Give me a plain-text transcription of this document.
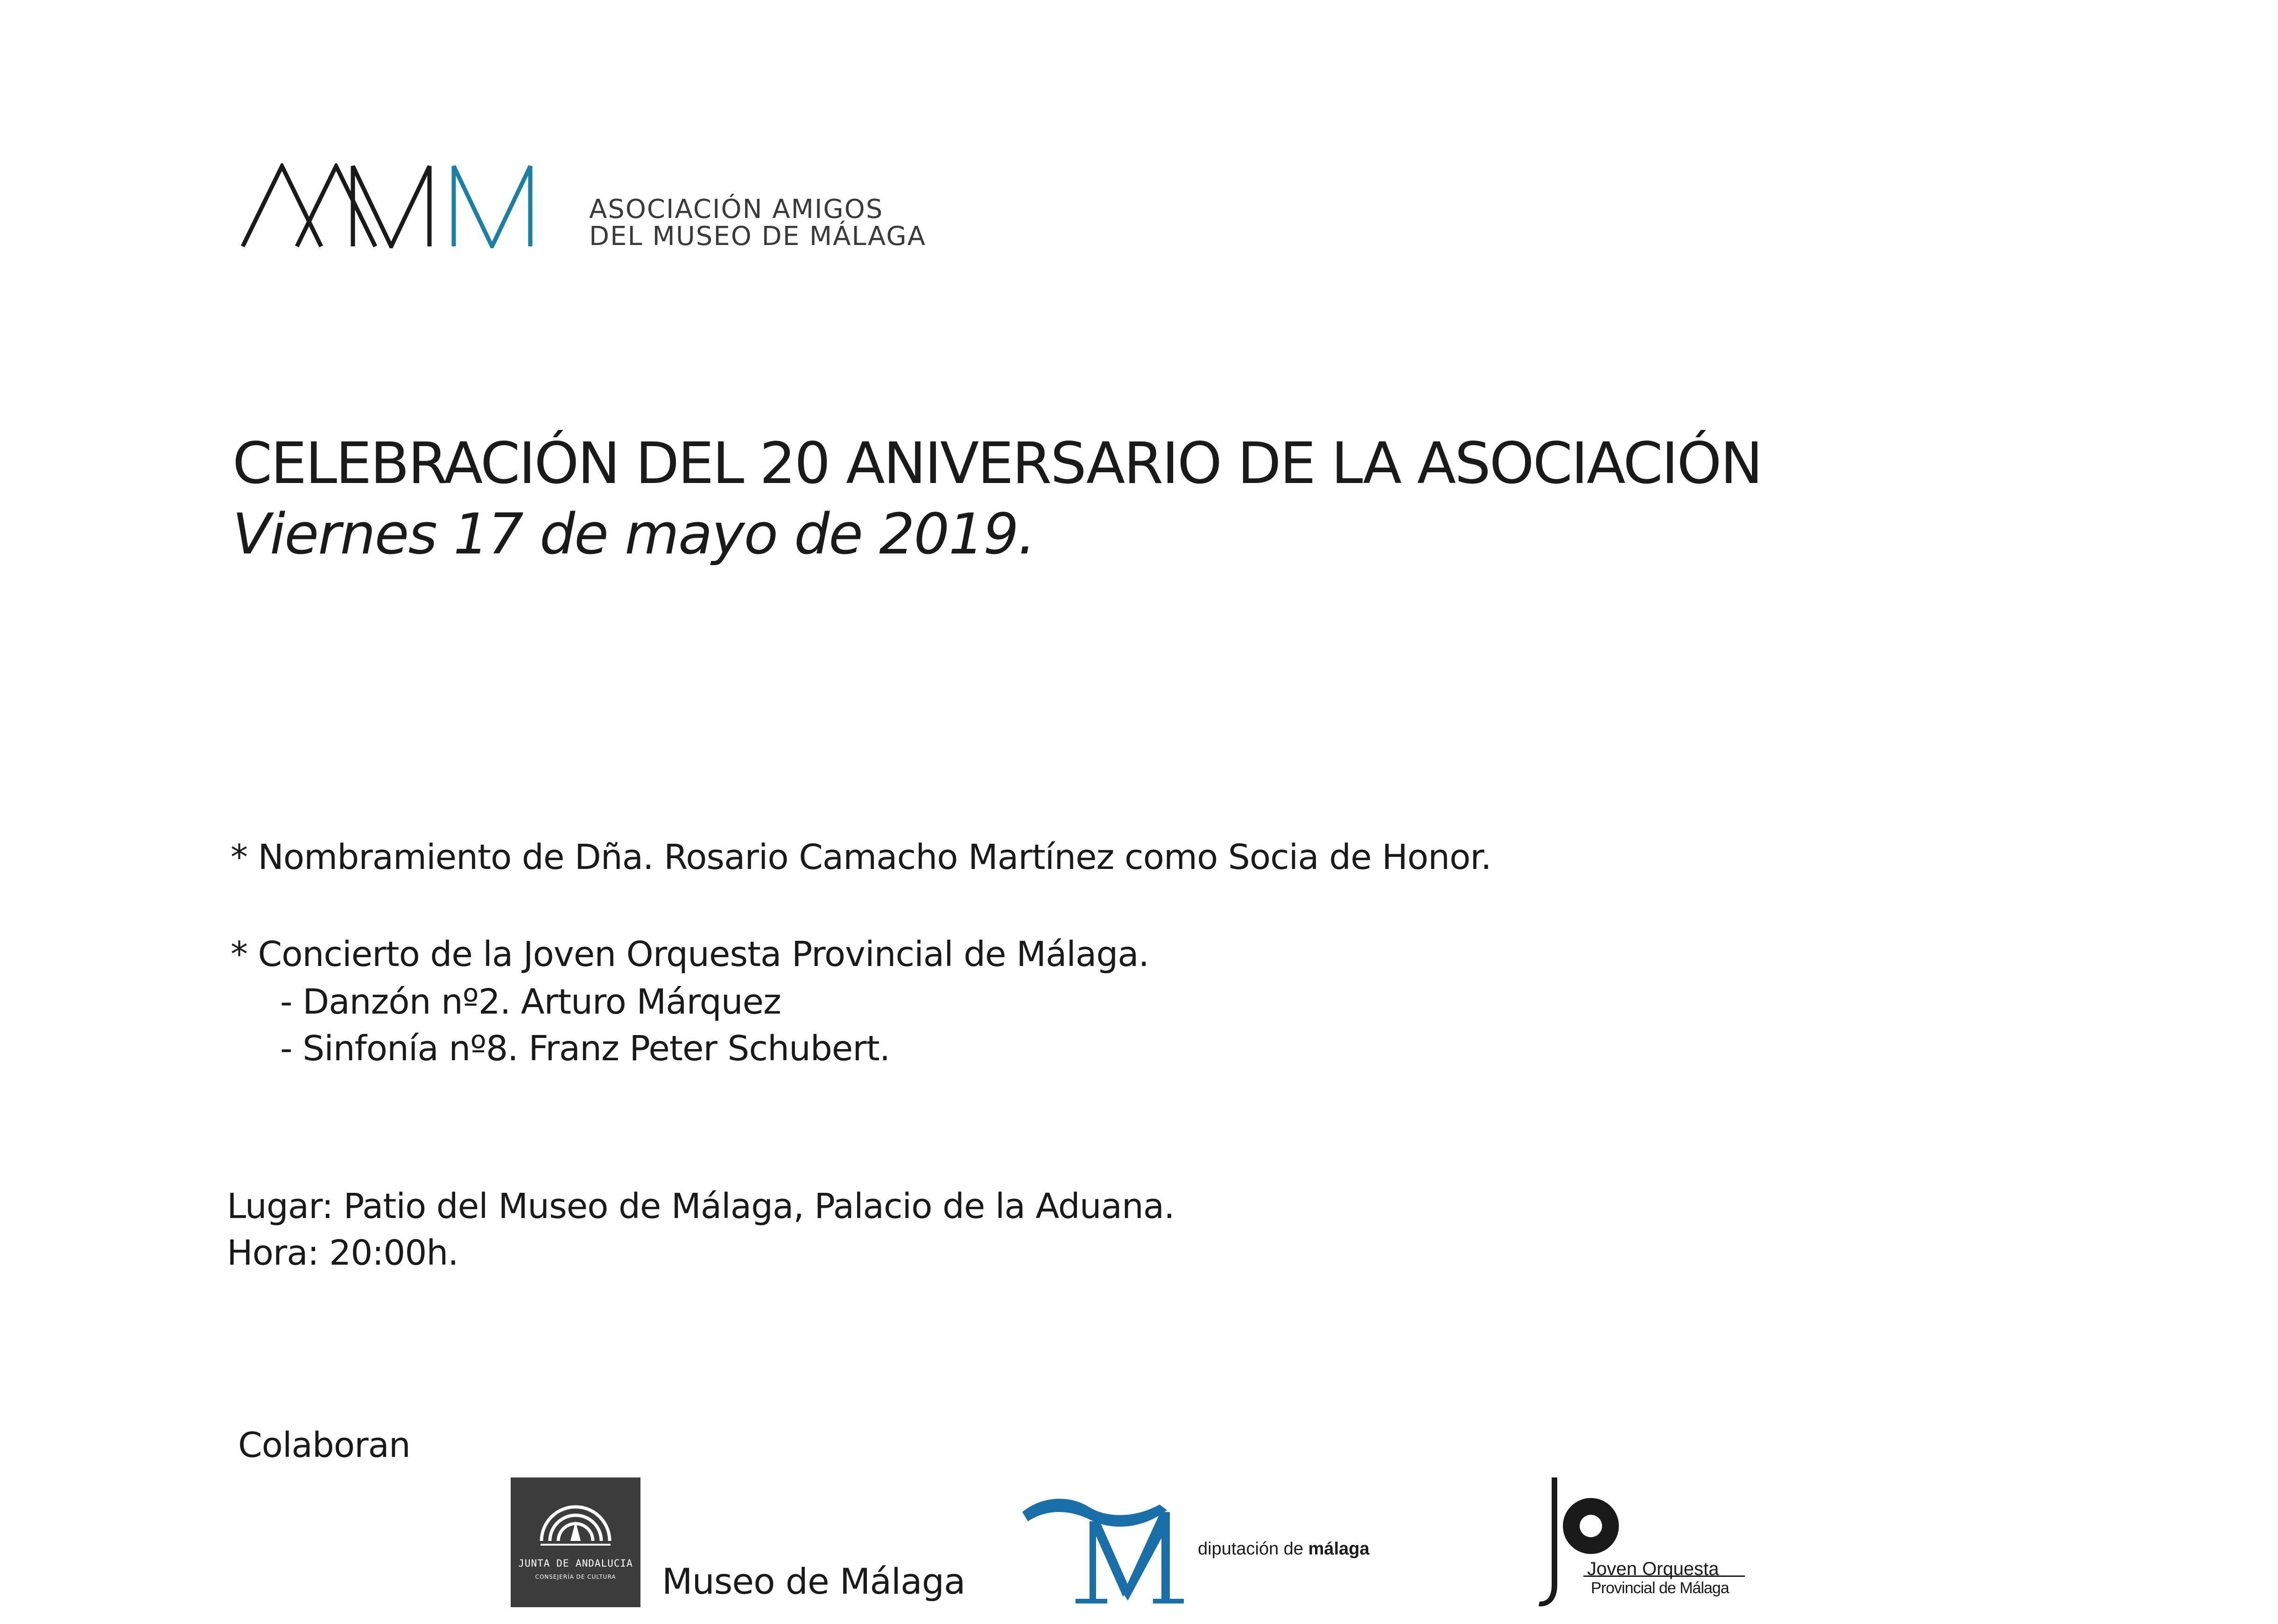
ASOCIACIÓN AMIGOS
DEL MUSEO DE MÁLAGA
CELEBRACIÓN DEL 20 ANIVERSARIO DE LA ASOCIACIÓN
Viernes 17 de mayo de 2019.
* Nombramiento de Dña. Rosario Camacho Martínez como Socia de Honor.
* Concierto de la Joven Orquesta Provincial de Málaga.
- Danzón nº2. Arturo Márquez
- Sinfonía nº8. Franz Peter Schubert.
Lugar: Patio del Museo de Málaga, Palacio de la Aduana.
Hora: 20:00h.
Colaboran
JUNTA DE ANDALUCIA
CONSEJERÍA DE CULTURA	Museo de Málaga
diputación de málaga
Joven Orquesta
Provincial de Málaga
